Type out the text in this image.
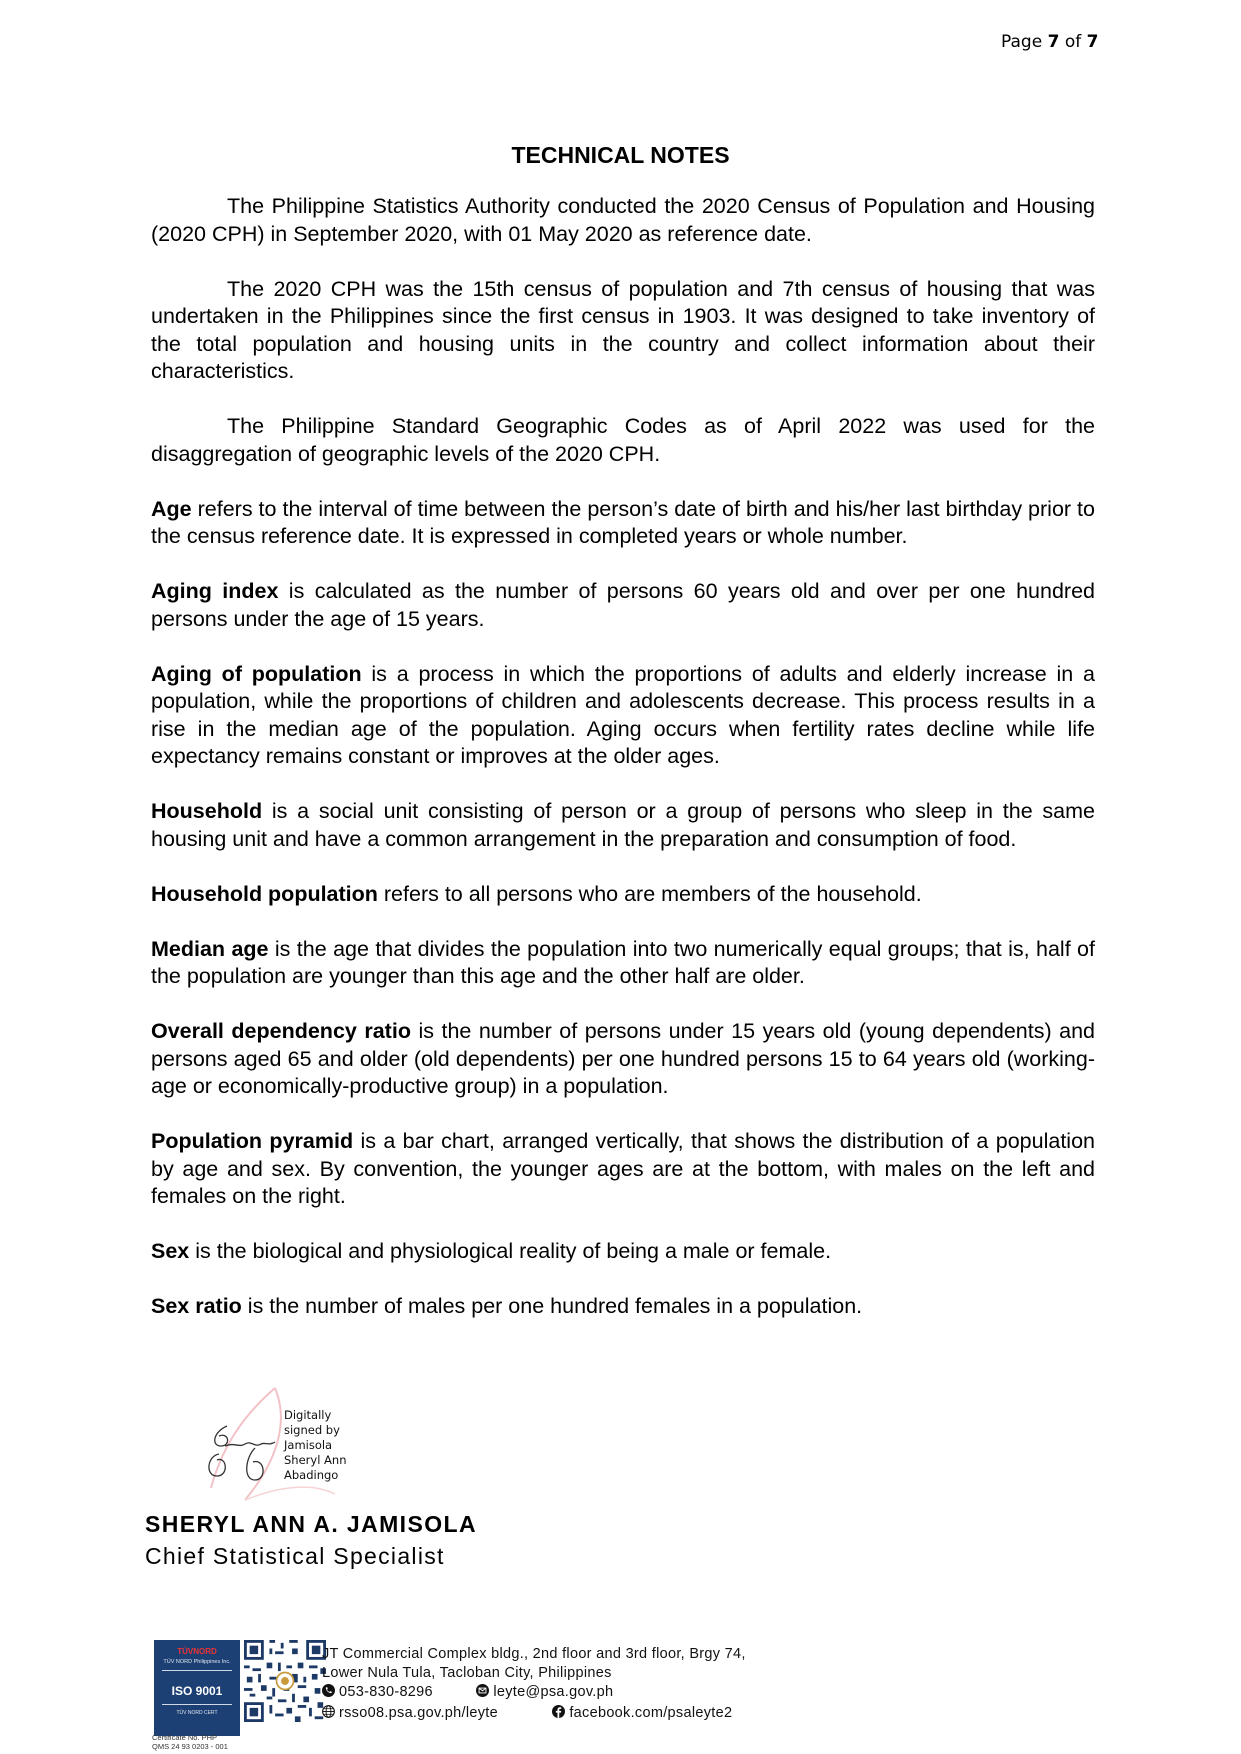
Page 7 of 7
TECHNICAL NOTES

The Philippine Statistics Authority conducted the 2020 Census of Population and Housing (2020 CPH) in September 2020, with 01 May 2020 as reference date.

The 2020 CPH was the 15th census of population and 7th census of housing that was undertaken in the Philippines since the first census in 1903. It was designed to take inventory of the total population and housing units in the country and collect information about their characteristics.

The Philippine Standard Geographic Codes as of April 2022 was used for the disaggregation of geographic levels of the 2020 CPH.

Age refers to the interval of time between the person’s date of birth and his/her last birthday prior to the census reference date. It is expressed in completed years or whole number.

Aging index is calculated as the number of persons 60 years old and over per one hundred persons under the age of 15 years.

Aging of population is a process in which the proportions of adults and elderly increase in a population, while the proportions of children and adolescents decrease. This process results in a rise in the median age of the population. Aging occurs when fertility rates decline while life expectancy remains constant or improves at the older ages.

Household is a social unit consisting of person or a group of persons who sleep in the same housing unit and have a common arrangement in the preparation and consumption of food.

Household population refers to all persons who are members of the household.

Median age is the age that divides the population into two numerically equal groups; that is, half of the population are younger than this age and the other half are older.

Overall dependency ratio is the number of persons under 15 years old (young dependents) and persons aged 65 and older (old dependents) per one hundred persons 15 to 64 years old (working-age or economically-productive group) in a population.

Population pyramid is a bar chart, arranged vertically, that shows the distribution of a population by age and sex. By convention, the younger ages are at the bottom, with males on the left and females on the right.

Sex is the biological and physiological reality of being a male or female.

Sex ratio is the number of males per one hundred females in a population.

Digitally
signed by
Jamisola
Sheryl Ann
Abadingo
SHERYL ANN A. JAMISOLA
Chief Statistical Specialist
TÜVNORD
TÜV NORD Philippines Inc.
ISO 9001
TÜV NORD CERT
Certificate No. PHP
QMS 24 93 0203 - 001
JT Commercial Complex bldg., 2nd floor and 3rd floor, Brgy 74,
Lower Nula Tula, Tacloban City, Philippines
053-830-8296	leyte@psa.gov.ph
rsso08.psa.gov.ph/leyte	facebook.com/psaleyte2
